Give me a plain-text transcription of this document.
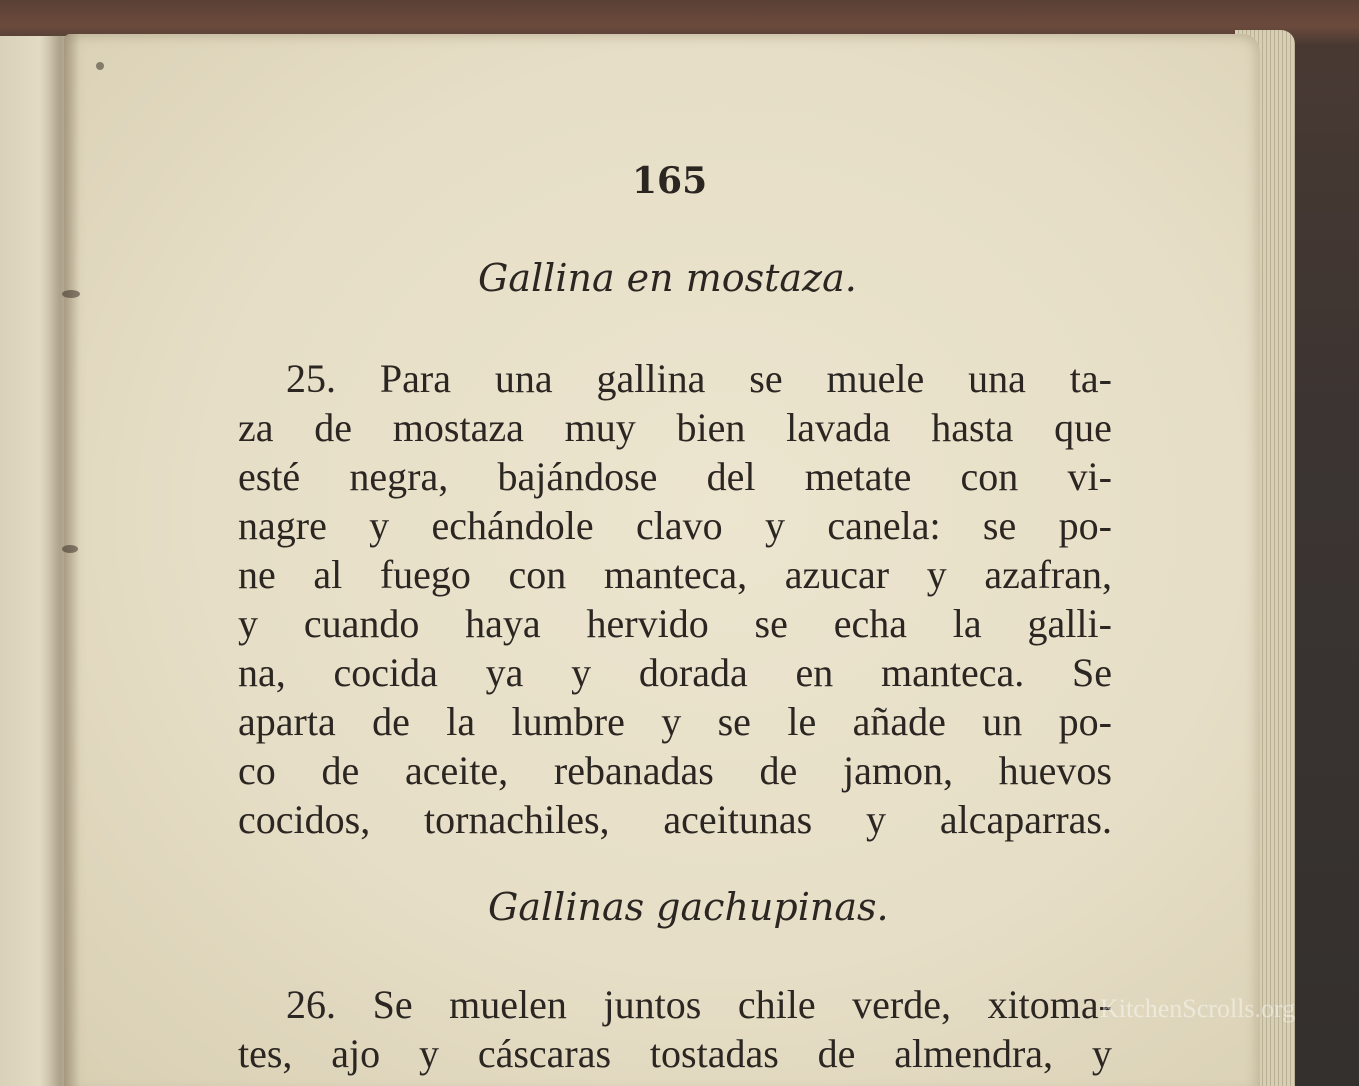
165
Gallina en mostaza.
25. Para una gallina se muele una ta-
za de mostaza muy bien lavada hasta que
esté negra, bajándose del metate con vi-
nagre y echándole clavo y canela: se po-
ne al fuego con manteca, azucar y azafran,
y cuando haya hervido se echa la galli-
na, cocida ya y dorada en manteca. Se
aparta de la lumbre y se le añade un po-
co de aceite, rebanadas de jamon, huevos
cocidos, tornachiles, aceitunas y alcaparras.
Gallinas gachupinas.
26. Se muelen juntos chile verde, xitoma-
tes, ajo y cáscaras tostadas de almendra, y
KitchenScrolls.org
